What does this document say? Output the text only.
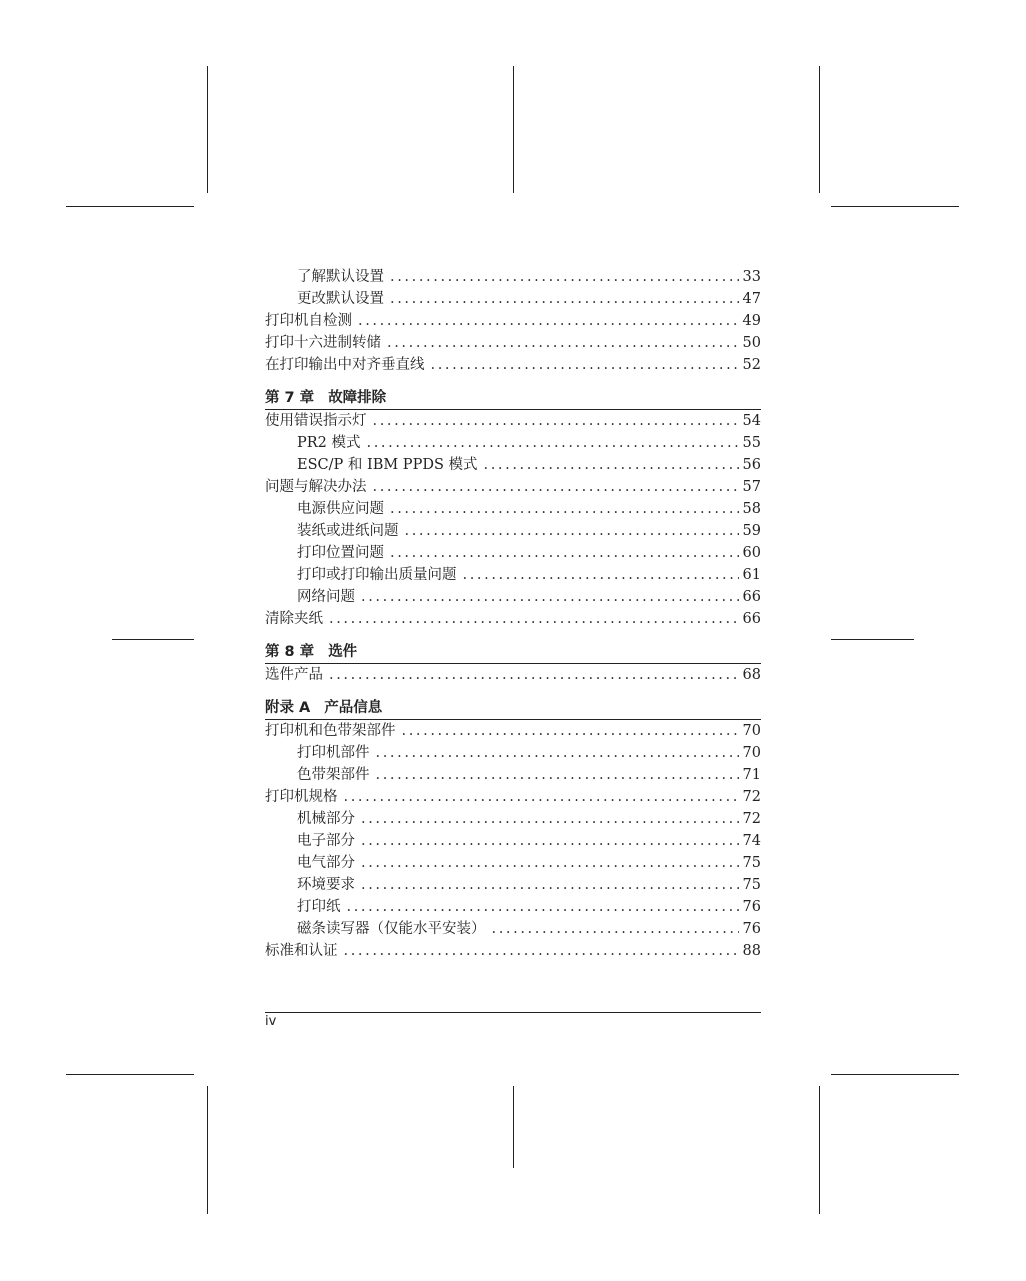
了解默认设置 .....	33
更改默认设置 .....	47
打印机自检测 .....	49
打印十六进制转储 .....	50
在打印输出中对齐垂直线 .....	52
第 7 章 故障排除
使用错误指示灯 .....	54
PR2 模式 .....	55
ESC/P 和 IBM PPDS 模式 .....	56
问题与解决办法 .....	57
电源供应问题 .....	58
装纸或进纸问题 .....	59
打印位置问题 .....	60
打印或打印输出质量问题 .....	61
网络问题 .....	66
清除夹纸 .....	66
第 8 章 选件
选件产品 .....	68
附录 A 产品信息
打印机和色带架部件 .....	70
打印机部件 .....	70
色带架部件 .....	71
打印机规格 .....	72
机械部分 .....	72
电子部分 .....	74
电气部分 .....	75
环境要求 .....	75
打印纸 .....	76
磁条读写器（仅能水平安装） .....	76
标准和认证 .....	88
iv
